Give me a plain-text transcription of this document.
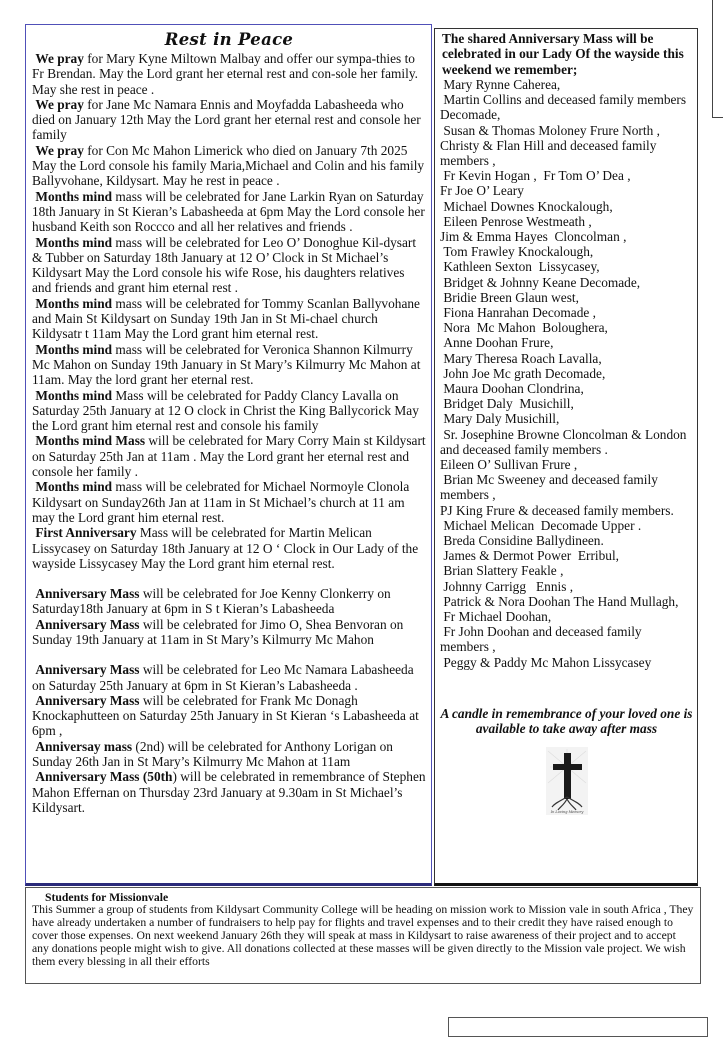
Rest in Peace
We pray for Mary Kyne Miltown Malbay and offer our sympa-thies to Fr Brendan. May the Lord grant her eternal rest and con-sole her family. May she rest in peace .
We pray for Jane Mc Namara Ennis and Moyfadda Labasheeda who died on January 12th May the Lord grant her eternal rest and console her family
We pray for Con Mc Mahon Limerick who died on January 7th 2025 May the Lord console his family Maria,Michael and Colin and his family Ballyvohane, Kildysart. May he rest in peace .
Months mind mass will be celebrated for Jane Larkin Ryan on Saturday 18th January in St Kieran’s Labasheeda at 6pm May the Lord console her husband Keith son Roccco and all her relatives and friends .
Months mind mass will be celebrated for Leo O’ Donoghue Kil-dysart & Tubber on Saturday 18th January at 12 O’ Clock in St Michael’s Kildysart May the Lord console his wife Rose, his daughters relatives and friends and grant him eternal rest .
Months mind mass will be celebrated for Tommy Scanlan Ballyvohane and Main St Kildysart on Sunday 19th Jan in St Mi-chael church Kildysatr t 11am May the Lord grant him eternal rest.
Months mind mass will be celebrated for Veronica Shannon Kilmurry Mc Mahon on Sunday 19th January in St Mary’s Kilmurry Mc Mahon at 11am. May the lord grant her eternal rest.
Months mind Mass will be celebrated for Paddy Clancy Lavalla on Saturday 25th January at 12 O clock in Christ the King Ballycorick May the Lord grant him eternal rest and console his family
Months mind Mass will be celebrated for Mary Corry Main st Kildysart on Saturday 25th Jan at 11am . May the Lord grant her eternal rest and console her family .
Months mind mass will be celebrated for Michael Normoyle Clonola Kildysart on Sunday26th Jan at 11am in St Michael’s church at 11 am may the Lord grant him eternal rest.
First Anniversary Mass will be celebrated for Martin Melican Lissycasey on Saturday 18th January at 12 O ‘ Clock in Our Lady of the wayside Lissycasey May the Lord grant him eternal rest.
Anniversary Mass will be celebrated for Joe Kenny Clonkerry on Saturday18th January at 6pm in S t Kieran’s Labasheeda
Anniversary Mass will be celebrated for Jimo O, Shea Benvoran on Sunday 19th January at 11am in St Mary’s Kilmurry Mc Mahon
Anniversary Mass will be celebrated for Leo Mc Namara Labasheeda on Saturday 25th January at 6pm in St Kieran’s Labasheeda .
Anniversary Mass will be celebrated for Frank Mc Donagh Knockaphutteen on Saturday 25th January in St Kieran ‘s Labasheeda at 6pm ,
Anniversay mass (2nd) will be celebrated for Anthony Lorigan on Sunday 26th Jan in St Mary’s Kilmurry Mc Mahon at 11am
Anniversary Mass (50th) will be celebrated in remembrance of Stephen Mahon Effernan on Thursday 23rd January at 9.30am in St Michael’s Kildysart.
The shared Anniversary Mass will be celebrated in our Lady Of the wayside this weekend we remember;
Mary Rynne Caherea,
Martin Collins and deceased family members Decomade,
Susan & Thomas Moloney Frure North ,
Christy & Flan Hill and deceased family members ,
Fr Kevin Hogan ,  Fr Tom O’ Dea ,
Fr Joe O’ Leary
Michael Downes Knockalough,
Eileen Penrose Westmeath ,
Jim & Emma Hayes  Cloncolman ,
Tom Frawley Knockalough,
Kathleen Sexton  Lissycasey,
Bridget & Johnny Keane Decomade,
Bridie Breen Glaun west,
Fiona Hanrahan Decomade ,
Nora  Mc Mahon  Boloughera,
Anne Doohan Frure,
Mary Theresa Roach Lavalla,
John Joe Mc grath Decomade,
Maura Doohan Clondrina,
Bridget Daly  Musichill,
Mary Daly Musichill,
Sr. Josephine Browne Cloncolman & London  and deceased family members .
Eileen O’ Sullivan Frure ,
Brian Mc Sweeney and deceased family members ,
PJ King Frure & deceased family members.
Michael Melican  Decomade Upper .
Breda Considine Ballydineen.
James & Dermot Power  Erribul,
Brian Slattery Feakle ,
Johnny Carrigg   Ennis ,
Patrick & Nora Doohan The Hand Mullagh,
Fr Michael Doohan,
Fr John Doohan and deceased family members ,
Peggy & Paddy Mc Mahon Lissycasey
A candle in remembrance of your loved one is available to take away after mass
In Loving Memory
Students for Missionvale
This Summer a group of students from Kildysart Community College will be heading on mission work to Mission vale in south Africa , They have already undertaken a number of fundraisers to help pay for flights and travel expenses and to their credit they have raised enough to cover those expenses. On next weekend January 26th they will speak at mass in Kildysart to raise awareness of their project and to accept any donations people might wish to give. All donations collected at these masses will be given directly to the Mission vale project. We wish them every blessing in all their efforts
